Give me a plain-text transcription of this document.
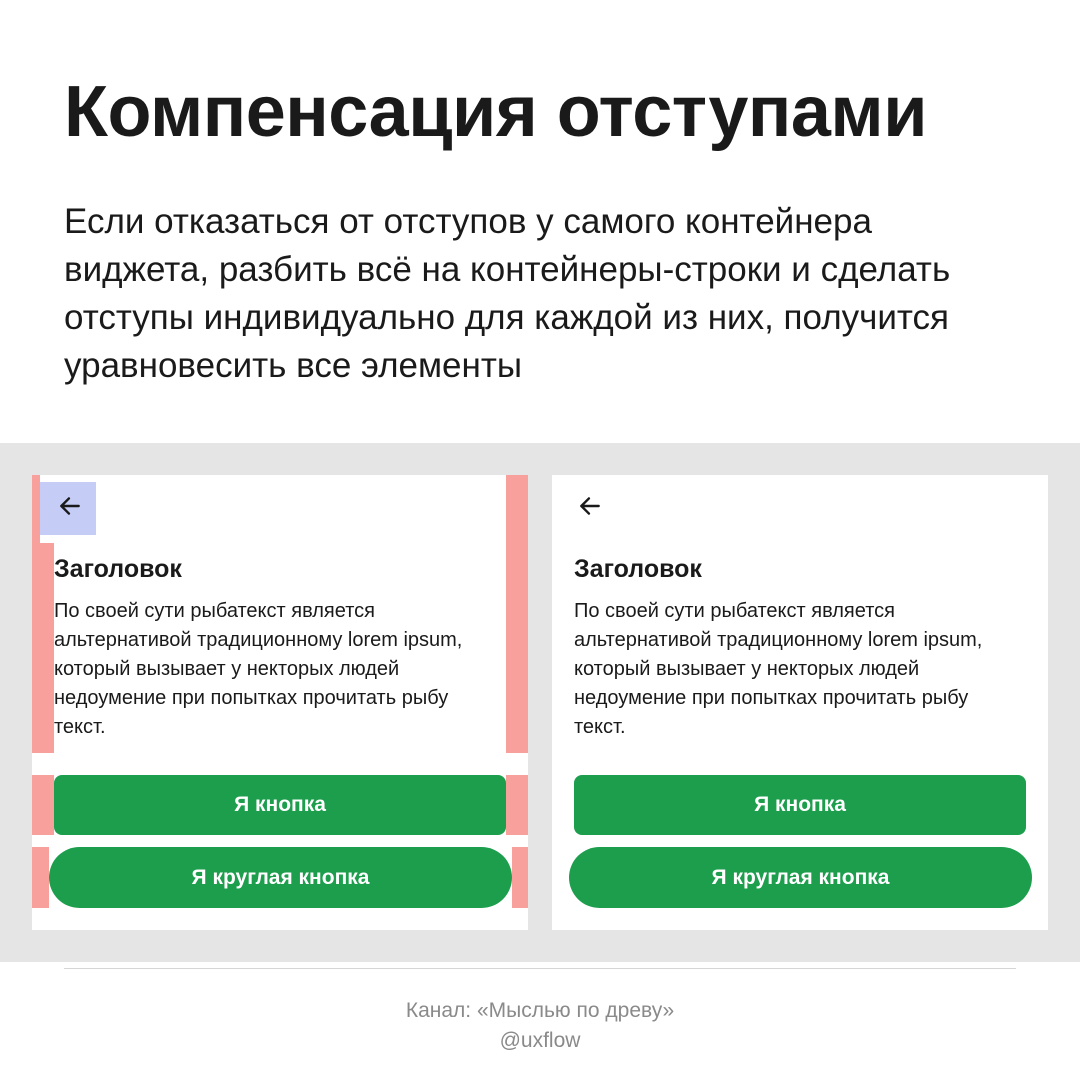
Компенсация отступами

Если отказаться от отступов у самого контейнера виджета, разбить всё на контейнеры-строки и сделать отступы индивидуально для каждой из них, получится уравновесить все элементы

Заголовок

По своей сути рыбатекст является альтернативой традиционному lorem ipsum, который вызывает у некторых людей недоумение при попытках прочитать рыбу текст.

Я кнопка
Я круглая кнопка
Заголовок

По своей сути рыбатекст является альтернативой традиционному lorem ipsum, который вызывает у некторых людей недоумение при попытках прочитать рыбу текст.

Я кнопка
Я круглая кнопка
Канал: «Мыслью по древу»
@uxflow
